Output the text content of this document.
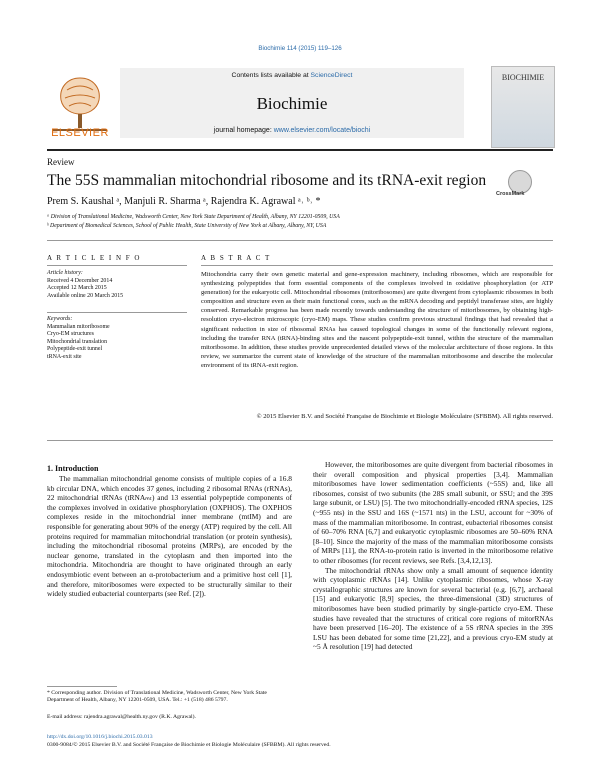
Biochimie 114 (2015) 119–126
ELSEVIER
Contents lists available at ScienceDirect
Biochimie
journal homepage: www.elsevier.com/locate/biochi
BIOCHIMIE
Review
The 55S mammalian mitochondrial ribosome and its tRNA-exit region
CrossMark
Prem S. Kaushal ᵃ, Manjuli R. Sharma ᵃ, Rajendra K. Agrawal ᵃ˒ ᵇ˒ *
ᵃ Division of Translational Medicine, Wadsworth Center, New York State Department of Health, Albany, NY 12201-0509, USA
ᵇ Department of Biomedical Sciences, School of Public Health, State University of New York at Albany, Albany, NY, USA
A R T I C L E I N F O
Article history:
Received 4 December 2014
Accepted 12 March 2015
Available online 20 March 2015
Keywords:
Mammalian mitoribosome
Cryo-EM structures
Mitochondrial translation
Polypeptide-exit tunnel
tRNA-exit site
A B S T R A C T
Mitochondria carry their own genetic material and gene-expression machinery, including ribosomes, which are responsible for synthesizing polypeptides that form essential components of the complexes involved in oxidative phosphorylation (or ATP generation) for the eukaryotic cell. Mitochondrial ribosomes (mitoribosomes) are quite divergent from cytoplasmic ribosomes in both composition and structure even as their main functional cores, such as the mRNA decoding and peptidyl transferase sites, are highly conserved. Remarkable progress has been made recently towards understanding the structure of mitoribosomes, by obtaining high-resolution cryo-electron microscopic (cryo-EM) maps. These studies confirm previous structural findings that had revealed that a significant reduction in size of ribosomal RNAs has caused topological changes in some of the functionally relevant regions, including the transfer RNA (tRNA)-binding sites and the nascent polypeptide-exit tunnel, within the structure of the mammalian mitoribosome. In addition, these studies provide unprecedented detailed views of the molecular architecture of those regions. In this review, we summarize the current state of knowledge of the structure of the mammalian mitoribosome and describe the molecular environment of its tRNA-exit region.
© 2015 Elsevier B.V. and Société Française de Biochimie et Biologie Moléculaire (SFBBM). All rights reserved.
1. Introduction
The mammalian mitochondrial genome consists of multiple copies of a 16.8 kb circular DNA, which encodes 37 genes, including 2 ribosomal RNAs (rRNAs), 22 mitochondrial tRNAs (tRNAₘₜ) and 13 essential polypeptide components of the complexes involved in oxidative phosphorylation (OXPHOS). The OXPHOS complexes reside in the mitochondrial inner membrane (mtIM) and are responsible for generating about 90% of the energy (ATP) required by the cell. All proteins required for mammalian mitochondrial translation (or protein synthesis), including the mitochondrial ribosomal proteins (MRPs), are encoded by the nuclear genome, translated in the cytoplasm and then imported into the mitochondria. Mitochondria are thought to have originated through an early endosymbiotic event between an α-protobacterium and a primitive host cell [1], and therefore, mitoribosomes were expected to be structurally similar to their widely studied eubacterial counterparts (see Ref. [2]).
However, the mitoribosomes are quite divergent from bacterial ribosomes in their overall composition and physical properties [3,4]. Mammalian mitoribosomes have lower sedimentation coefficients (~55S) and, like all ribosomes, consist of two subunits (the 28S small subunit, or SSU; and the 39S large subunit, or LSU) [5]. The two mitochondrially-encoded rRNA species, 12S (~955 nts) in the SSU and 16S (~1571 nts) in the LSU, account for ~30% of mass of the mammalian mitoribosome. In contrast, eubacterial ribosomes consist of 60–70% RNA [6,7] and eukaryotic cytoplasmic ribosomes are 50–60% RNA [8–10]. Since the majority of the mass of the mammalian mitoribosome consists of MRPs [11], the RNA-to-protein ratio is inverted in the mitoribosome relative to other ribosomes (for recent reviews, see Refs. [3,4,12,13].
The mitochondrial rRNAs show only a small amount of sequence identity with cytoplasmic rRNAs [14]. Unlike cytoplasmic ribosomes, whose X-ray crystallographic structures are known for several bacterial (e.g. [6,7], archaeal [15] and eukaryotic [8,9] species, the three-dimensional (3D) structures of mitoribosomes have been studied primarily by single-particle cryo-EM. These studies have revealed that the structures of critical core regions of mitorRNAs have been preserved [16–20]. The existence of a 5S rRNA species in the 39S LSU has been debated for some time [21,22], and a previous cryo-EM study at ~5 Å resolution [19] had detected
* Corresponding author. Division of Translational Medicine, Wadsworth Center, New York State Department of Health, Albany, NY 12201-0509, USA. Tel.: +1 (518) 486 5797.
E-mail address: rajendra.agrawal@health.ny.gov (R.K. Agrawal).
http://dx.doi.org/10.1016/j.biochi.2015.03.013
0300-9084/© 2015 Elsevier B.V. and Société Française de Biochimie et Biologie Moléculaire (SFBBM). All rights reserved.
